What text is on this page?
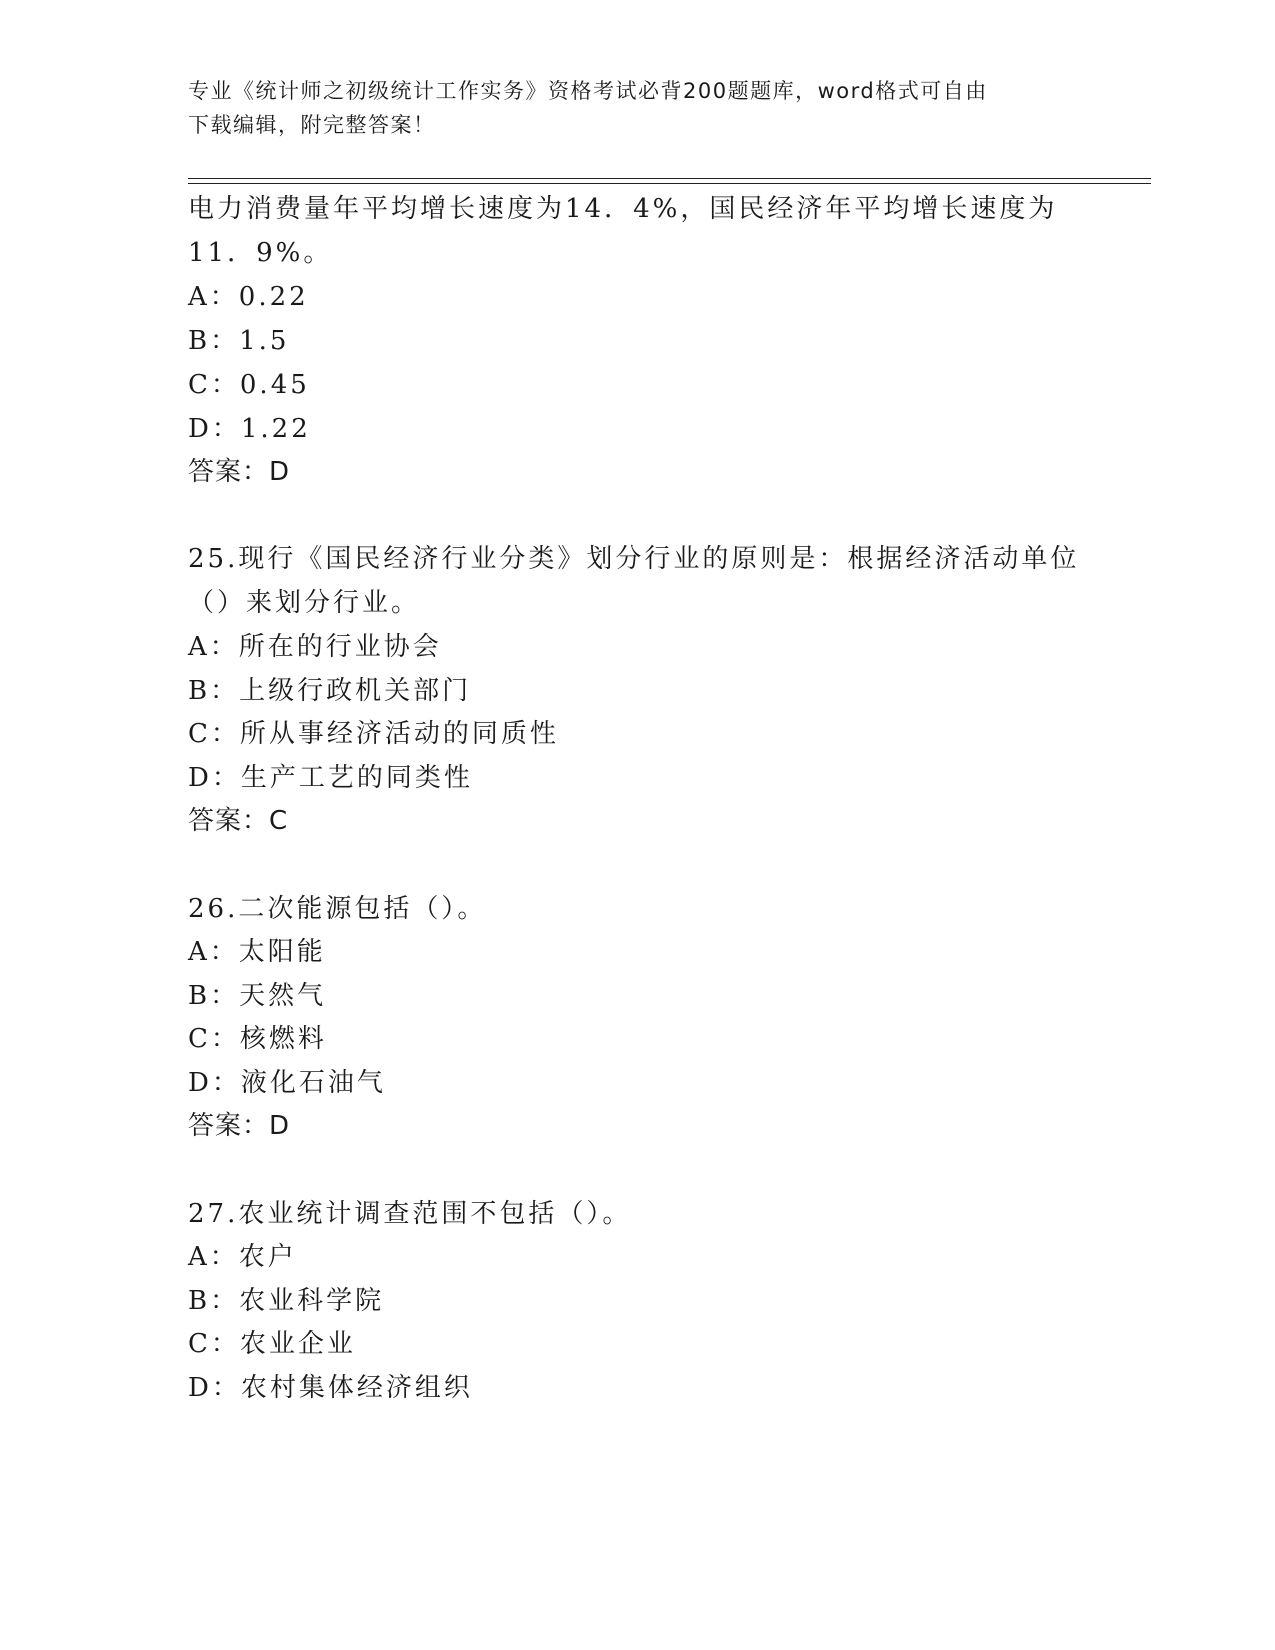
专业《统计师之初级统计工作实务》资格考试必背200题题库，word格式可自由
下载编辑，附完整答案！
电力消费量年平均增长速度为14．4%，国民经济年平均增长速度为
11．9%。
A：0.22
B：1.5
C：0.45
D：1.22
答案：D
25.现行《国民经济行业分类》划分行业的原则是：根据经济活动单位
（）来划分行业。
A：所在的行业协会
B：上级行政机关部门
C：所从事经济活动的同质性
D：生产工艺的同类性
答案：C
26.二次能源包括（）。
A：太阳能
B：天然气
C：核燃料
D：液化石油气
答案：D
27.农业统计调查范围不包括（）。
A：农户
B：农业科学院
C：农业企业
D：农村集体经济组织
